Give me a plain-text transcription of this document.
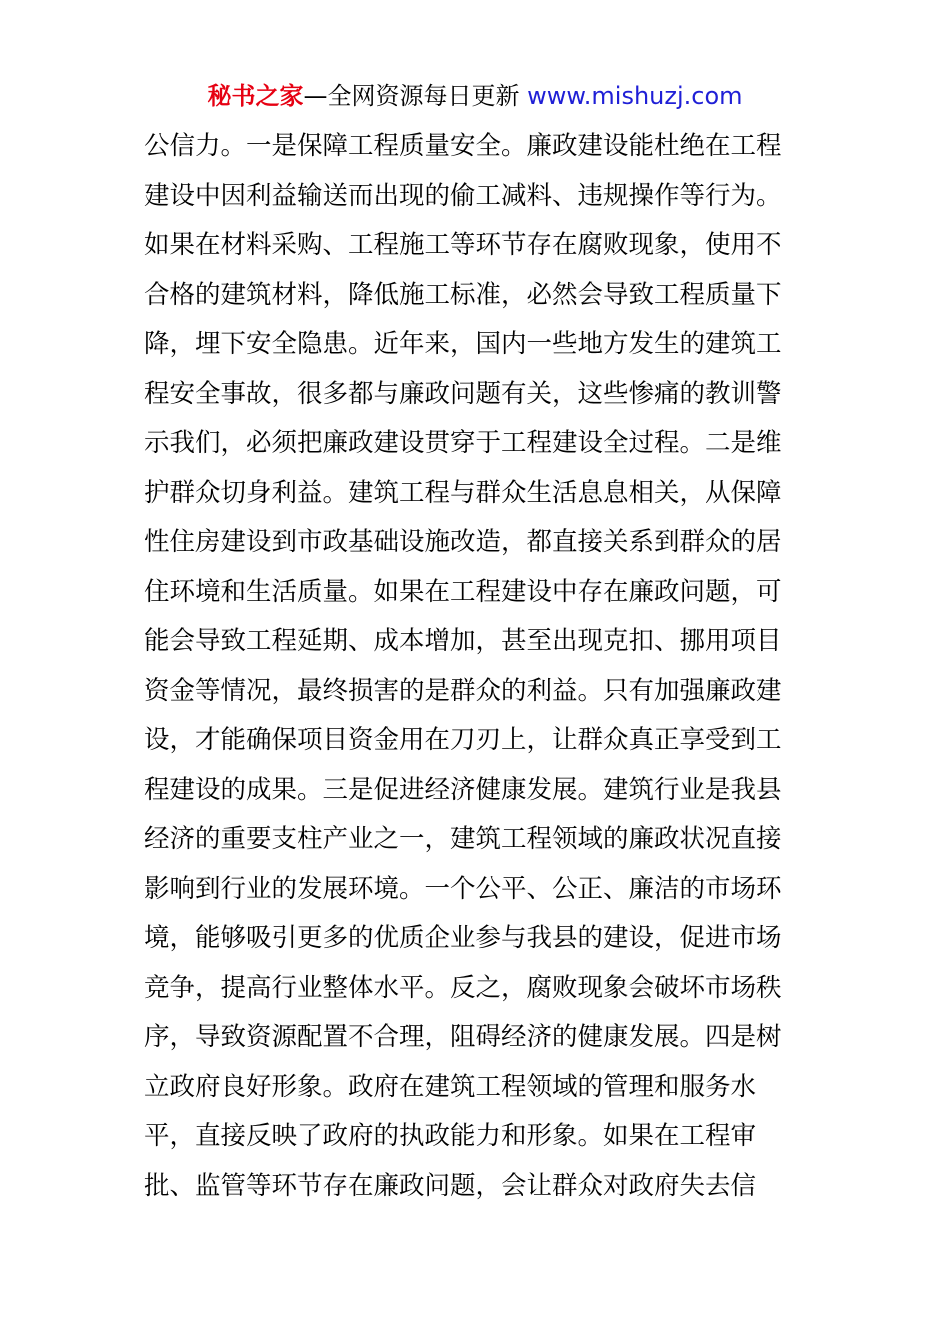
秘书之家—全网资源每日更新 www.mishuzj.com
公信力。一是保障工程质量安全。廉政建设能杜绝在工程
建设中因利益输送而出现的偷工减料、违规操作等行为。
如果在材料采购、工程施工等环节存在腐败现象，使用不
合格的建筑材料，降低施工标准，必然会导致工程质量下
降，埋下安全隐患。近年来，国内一些地方发生的建筑工
程安全事故，很多都与廉政问题有关，这些惨痛的教训警
示我们，必须把廉政建设贯穿于工程建设全过程。二是维
护群众切身利益。建筑工程与群众生活息息相关，从保障
性住房建设到市政基础设施改造，都直接关系到群众的居
住环境和生活质量。如果在工程建设中存在廉政问题，可
能会导致工程延期、成本增加，甚至出现克扣、挪用项目
资金等情况，最终损害的是群众的利益。只有加强廉政建
设，才能确保项目资金用在刀刃上，让群众真正享受到工
程建设的成果。三是促进经济健康发展。建筑行业是我县
经济的重要支柱产业之一，建筑工程领域的廉政状况直接
影响到行业的发展环境。一个公平、公正、廉洁的市场环
境，能够吸引更多的优质企业参与我县的建设，促进市场
竞争，提高行业整体水平。反之，腐败现象会破坏市场秩
序，导致资源配置不合理，阻碍经济的健康发展。四是树
立政府良好形象。政府在建筑工程领域的管理和服务水
平，直接反映了政府的执政能力和形象。如果在工程审
批、监管等环节存在廉政问题，会让群众对政府失去信
